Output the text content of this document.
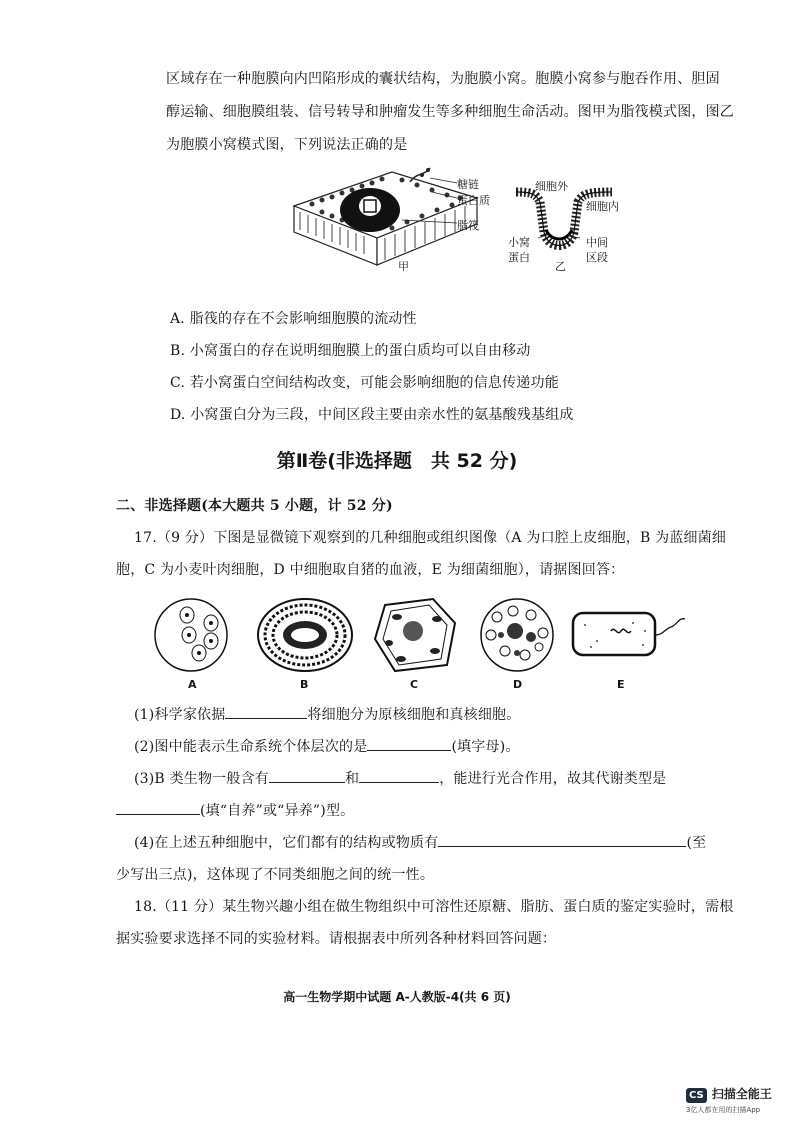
区域存在一种胞膜向内凹陷形成的囊状结构，为胞膜小窝。胞膜小窝参与胞吞作用、胆固
醇运输、细胞膜组装、信号转导和肿瘤发生等多种细胞生命活动。图甲为脂筏模式图，图乙
为胞膜小窝模式图，下列说法正确的是
糖链
蛋白质
脂筏
甲
细胞外
细胞内
小窝
蛋白
中间
区段
乙
A. 脂筏的存在不会影响细胞膜的流动性
B. 小窝蛋白的存在说明细胞膜上的蛋白质均可以自由移动
C. 若小窝蛋白空间结构改变，可能会影响细胞的信息传递功能
D. 小窝蛋白分为三段，中间区段主要由亲水性的氨基酸残基组成
第Ⅱ卷(非选择题　共 52 分)
二、非选择题(本大题共 5 小题，计 52 分)
17.（9 分）下图是显微镜下观察到的几种细胞或组织图像（A 为口腔上皮细胞，B 为蓝细菌细
胞，C 为小麦叶肉细胞，D 中细胞取自猪的血液，E 为细菌细胞），请据图回答：
A	B	C	D	E
(1)科学家依据	将细胞分为原核细胞和真核细胞。
(2)图中能表示生命系统个体层次的是	(填字母)。
(3)B 类生物一般含有	和	，能进行光合作用，故其代谢类型是
(填“自养”或“异养”)型。
(4)在上述五种细胞中，它们都有的结构或物质有	(至
少写出三点)，这体现了不同类细胞之间的统一性。
18.（11 分）某生物兴趣小组在做生物组织中可溶性还原糖、脂肪、蛋白质的鉴定实验时，需根
据实验要求选择不同的实验材料。请根据表中所列各种材料回答问题：
高一生物学期中试题 A-人教版-4(共 6 页)
CS 扫描全能王
3亿人都在用的扫描App
